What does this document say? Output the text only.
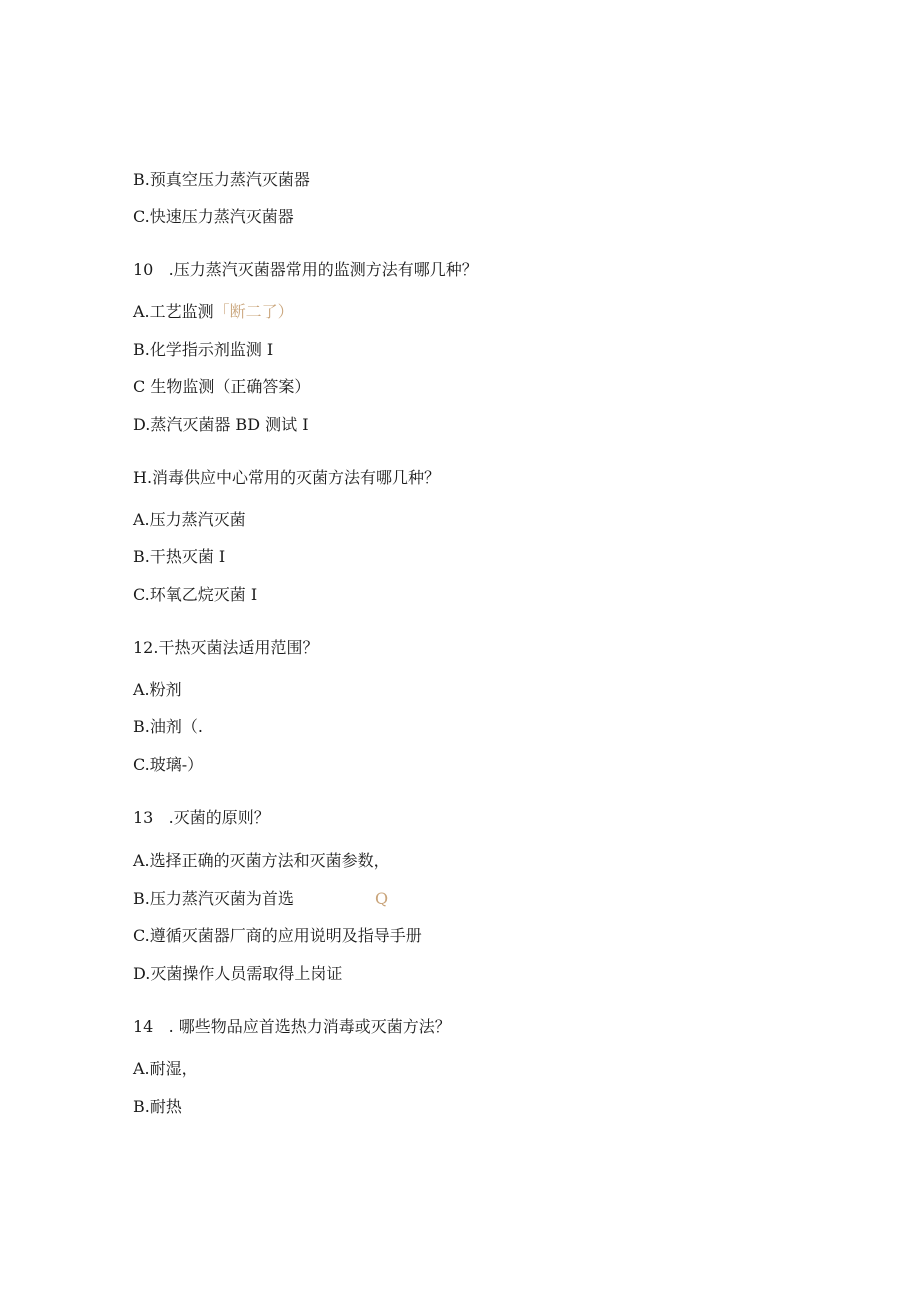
B.预真空压力蒸汽灭菌器
C.快速压力蒸汽灭菌器
10   .压力蒸汽灭菌器常用的监测方法有哪几种？
A.工艺监测「断二了）
B.化学指示剂监测 I
C 生物监测（正确答案）
D.蒸汽灭菌器 BD 测试 I
H.消毒供应中心常用的灭菌方法有哪几种？
A.压力蒸汽灭菌
B.干热灭菌 I
C.环氧乙烷灭菌 I
12.干热灭菌法适用范围？
A.粉剂
B.油剂（.
C.玻璃-）
13   .灭菌的原则？
A.选择正确的灭菌方法和灭菌参数，
B.压力蒸汽灭菌为首选	Q
C.遵循灭菌器厂商的应用说明及指导手册
D.灭菌操作人员需取得上岗证
14   . 哪些物品应首选热力消毒或灭菌方法？
A.耐湿，
B.耐热
